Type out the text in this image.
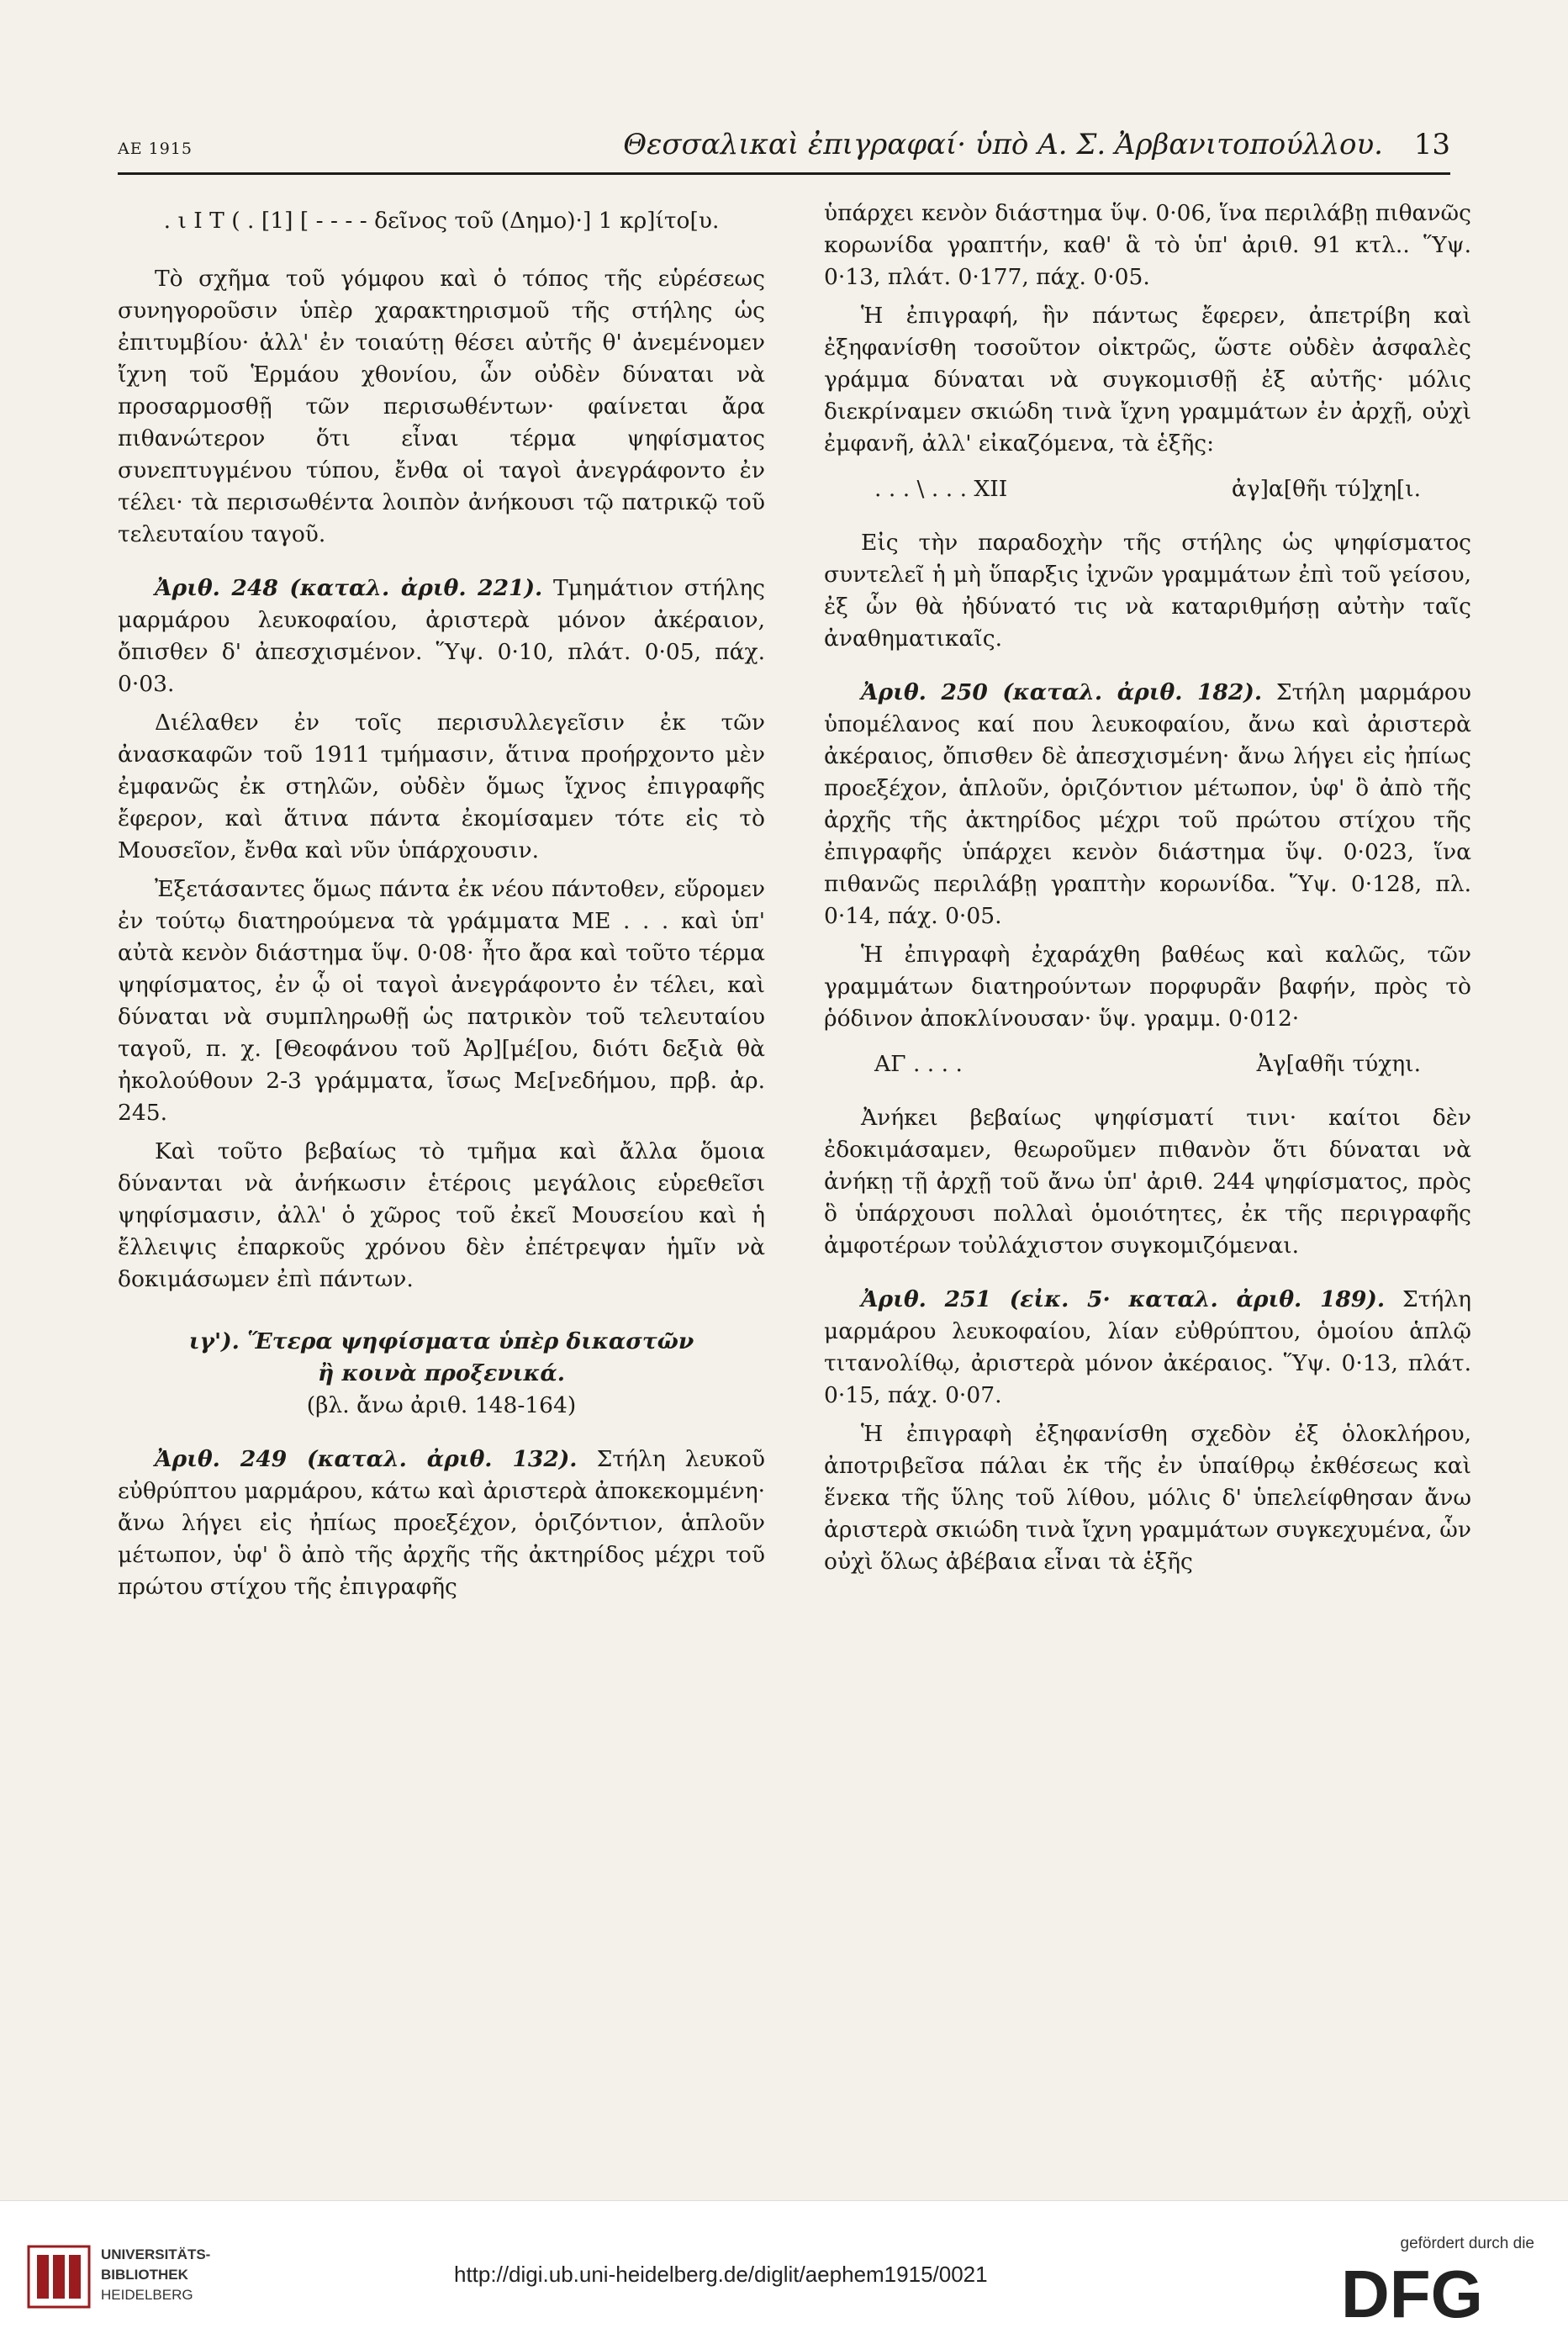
ΑΕ 1915	Θεσσαλικαὶ ἐπιγραφαί· ὑπὸ Α. Σ. Ἀρβανιτοπούλλου. 13
. ι Ι Τ ( . [1] [ - - - - δεῖνος τοῦ (Δημο)·] 1 κρ]ίτο[υ.

Τὸ σχῆμα τοῦ γόμφου καὶ ὁ τόπος τῆς εὑρέσεως συνηγοροῦσιν ὑπὲρ χαρακτηρισμοῦ τῆς στήλης ὡς ἐπιτυμβίου· ἀλλ' ἐν τοιαύτῃ θέσει αὐτῆς θ' ἀνεμένομεν ἴχνη τοῦ Ἑρμάου χθονίου, ὧν οὐδὲν δύναται νὰ προσαρμοσθῇ τῶν περισωθέντων· φαίνεται ἄρα πιθανώτερον ὅτι εἶναι τέρμα ψηφίσματος συνεπτυγμένου τύπου, ἔνθα οἱ ταγοὶ ἀνεγράφοντο ἐν τέλει· τὰ περισωθέντα λοιπὸν ἀνήκουσι τῷ πατρικῷ τοῦ τελευταίου ταγοῦ.

Ἀριθ. 248 (καταλ. ἀριθ. 221). Τμημάτιον στήλης μαρμάρου λευκοφαίου, ἀριστερὰ μόνον ἀκέραιον, ὄπισθεν δ' ἀπεσχισμένον. Ὕψ. 0·10, πλάτ. 0·05, πάχ. 0·03.

Διέλαθεν ἐν τοῖς περισυλλεγεῖσιν ἐκ τῶν ἀνασκαφῶν τοῦ 1911 τμήμασιν, ἅτινα προήρχοντο μὲν ἐμφανῶς ἐκ στηλῶν, οὐδὲν ὅμως ἴχνος ἐπιγραφῆς ἔφερον, καὶ ἅτινα πάντα ἐκομίσαμεν τότε εἰς τὸ Μουσεῖον, ἔνθα καὶ νῦν ὑπάρχουσιν.

Ἐξετάσαντες ὅμως πάντα ἐκ νέου πάντοθεν, εὕρομεν ἐν τούτῳ διατηρούμενα τὰ γράμματα ΜΕ . . . καὶ ὑπ' αὐτὰ κενὸν διάστημα ὕψ. 0·08· ἦτο ἄρα καὶ τοῦτο τέρμα ψηφίσματος, ἐν ᾧ οἱ ταγοὶ ἀνεγράφοντο ἐν τέλει, καὶ δύναται νὰ συμπληρωθῇ ὡς πατρικὸν τοῦ τελευταίου ταγοῦ, π. χ. [Θεοφάνου τοῦ Ἀρ][μέ[ου, διότι δεξιὰ θὰ ἠκολούθουν 2-3 γράμματα, ἴσως Με[νεδήμου, πρβ. ἀρ. 245.

Καὶ τοῦτο βεβαίως τὸ τμῆμα καὶ ἄλλα ὅμοια δύνανται νὰ ἀνήκωσιν ἑτέροις μεγάλοις εὑρεθεῖσι ψηφίσμασιν, ἀλλ' ὁ χῶρος τοῦ ἐκεῖ Μουσείου καὶ ἡ ἔλλειψις ἐπαρκοῦς χρόνου δὲν ἐπέτρεψαν ἡμῖν νὰ δοκιμάσωμεν ἐπὶ πάντων.

ιγ'). Ἕτερα ψηφίσματα ὑπὲρ δικαστῶν
ἢ κοινὰ προξενικά.
(βλ. ἄνω ἀριθ. 148-164)

Ἀριθ. 249 (καταλ. ἀριθ. 132). Στήλη λευκοῦ εὐθρύπτου μαρμάρου, κάτω καὶ ἀριστερὰ ἀποκεκομμένη· ἄνω λήγει εἰς ἠπίως προεξέχον, ὁριζόντιον, ἁπλοῦν μέτωπον, ὑφ' ὃ ἀπὸ τῆς ἀρχῆς τῆς ἀκτηρίδος μέχρι τοῦ πρώτου στίχου τῆς ἐπιγραφῆς

ὑπάρχει κενὸν διάστημα ὕψ. 0·06, ἵνα περιλάβῃ πιθανῶς κορωνίδα γραπτήν, καθ' ἃ τὸ ὑπ' ἀριθ. 91 κτλ.. Ὕψ. 0·13, πλάτ. 0·177, πάχ. 0·05.

Ἡ ἐπιγραφή, ἣν πάντως ἔφερεν, ἀπετρίβη καὶ ἐξηφανίσθη τοσοῦτον οἰκτρῶς, ὥστε οὐδὲν ἀσφαλὲς γράμμα δύναται νὰ συγκομισθῇ ἐξ αὐτῆς· μόλις διεκρίναμεν σκιώδη τινὰ ἴχνη γραμμάτων ἐν ἀρχῇ, οὐχὶ ἐμφανῆ, ἀλλ' εἰκαζόμενα, τὰ ἑξῆς:

. . . \ . . . ΧΙΙ	ἀγ]α[θῆι τύ]χη[ι.

Εἰς τὴν παραδοχὴν τῆς στήλης ὡς ψηφίσματος συντελεῖ ἡ μὴ ὕπαρξις ἰχνῶν γραμμάτων ἐπὶ τοῦ γείσου, ἐξ ὧν θὰ ἠδύνατό τις νὰ καταριθμήσῃ αὐτὴν ταῖς ἀναθηματικαῖς.

Ἀριθ. 250 (καταλ. ἀριθ. 182). Στήλη μαρμάρου ὑπομέλανος καί που λευκοφαίου, ἄνω καὶ ἀριστερὰ ἀκέραιος, ὄπισθεν δὲ ἀπεσχισμένη· ἄνω λήγει εἰς ἠπίως προεξέχον, ἁπλοῦν, ὁριζόντιον μέτωπον, ὑφ' ὃ ἀπὸ τῆς ἀρχῆς τῆς ἀκτηρίδος μέχρι τοῦ πρώτου στίχου τῆς ἐπιγραφῆς ὑπάρχει κενὸν διάστημα ὕψ. 0·023, ἵνα πιθανῶς περιλάβῃ γραπτὴν κορωνίδα. Ὕψ. 0·128, πλ. 0·14, πάχ. 0·05.

Ἡ ἐπιγραφὴ ἐχαράχθη βαθέως καὶ καλῶς, τῶν γραμμάτων διατηρούντων πορφυρᾶν βαφήν, πρὸς τὸ ῥόδινον ἀποκλίνουσαν· ὕψ. γραμμ. 0·012·

ΑΓ . . . .	Ἀγ[αθῆι τύχηι.

Ἀνήκει βεβαίως ψηφίσματί τινι· καίτοι δὲν ἐδοκιμάσαμεν, θεωροῦμεν πιθανὸν ὅτι δύναται νὰ ἀνήκῃ τῇ ἀρχῇ τοῦ ἄνω ὑπ' ἀριθ. 244 ψηφίσματος, πρὸς ὃ ὑπάρχουσι πολλαὶ ὁμοιότητες, ἐκ τῆς περιγραφῆς ἀμφοτέρων τοὐλάχιστον συγκομιζόμεναι.

Ἀριθ. 251 (εἰκ. 5· καταλ. ἀριθ. 189). Στήλη μαρμάρου λευκοφαίου, λίαν εὐθρύπτου, ὁμοίου ἁπλῷ τιτανολίθῳ, ἀριστερὰ μόνον ἀκέραιος. Ὕψ. 0·13, πλάτ. 0·15, πάχ. 0·07.

Ἡ ἐπιγραφὴ ἐξηφανίσθη σχεδὸν ἐξ ὁλοκλήρου, ἀποτριβεῖσα πάλαι ἐκ τῆς ἐν ὑπαίθρῳ ἐκθέσεως καὶ ἕνεκα τῆς ὕλης τοῦ λίθου, μόλις δ' ὑπελείφθησαν ἄνω ἀριστερὰ σκιώδη τινὰ ἴχνη γραμμάτων συγκεχυμένα, ὧν οὐχὶ ὅλως ἀβέβαια εἶναι τὰ ἑξῆς

UNIVERSITÄTS-
BIBLIOTHEK
HEIDELBERG
http://digi.ub.uni-heidelberg.de/diglit/aephem1915/0021
gefördert durch die
DFG
